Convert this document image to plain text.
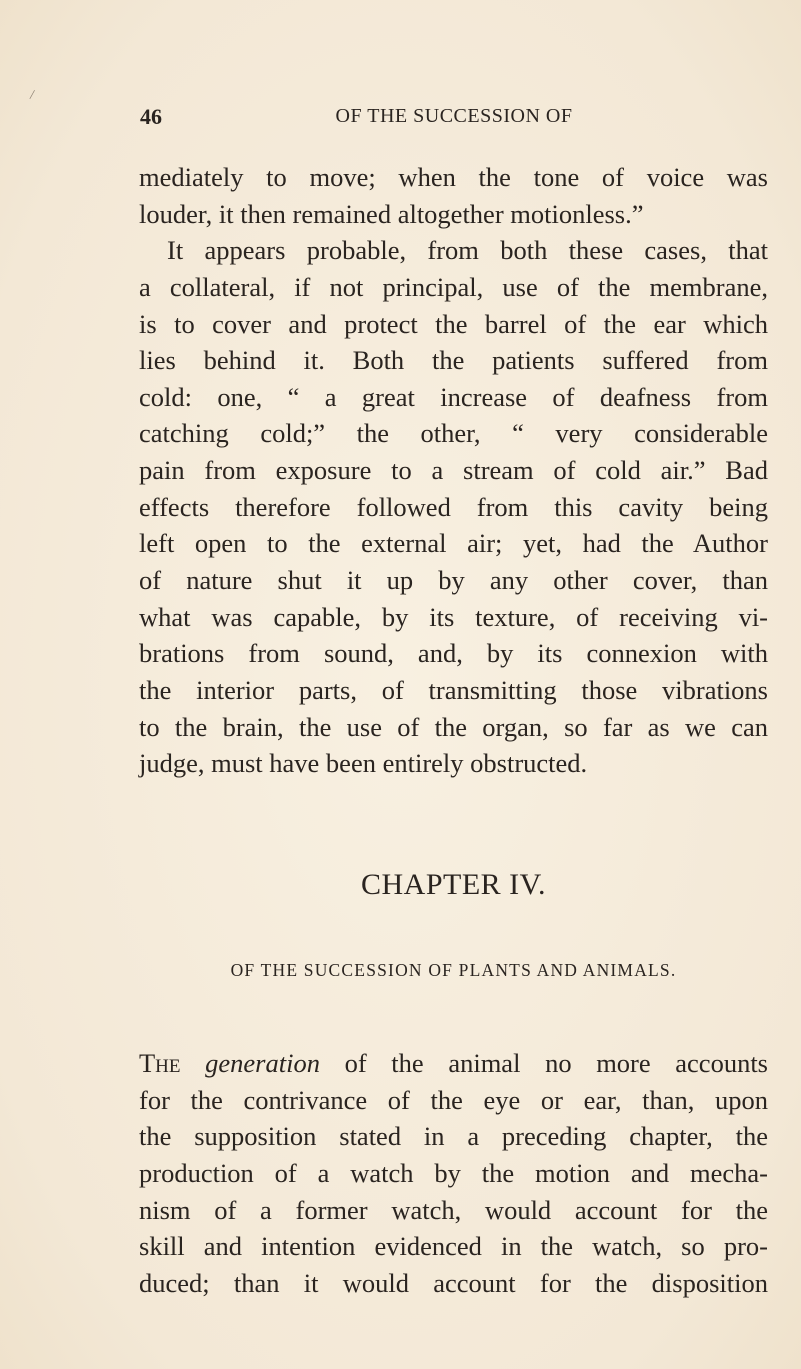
/
46	OF THE SUCCESSION OF
mediately to move; when the tone of voice was
louder, it then remained altogether motionless.”
It appears probable, from both these cases, that
a collateral, if not principal, use of the membrane,
is to cover and protect the barrel of the ear which
lies behind it. Both the patients suffered from
cold: one, “ a great increase of deafness from
catching cold;” the other, “ very considerable
pain from exposure to a stream of cold air.” Bad
effects therefore followed from this cavity being
left open to the external air; yet, had the Author
of nature shut it up by any other cover, than
what was capable, by its texture, of receiving vi-
brations from sound, and, by its connexion with
the interior parts, of transmitting those vibrations
to the brain, the use of the organ, so far as we can
judge, must have been entirely obstructed.
CHAPTER IV.
OF THE SUCCESSION OF PLANTS AND ANIMALS.
The generation of the animal no more accounts
for the contrivance of the eye or ear, than, upon
the supposition stated in a preceding chapter, the
production of a watch by the motion and mecha-
nism of a former watch, would account for the
skill and intention evidenced in the watch, so pro-
duced; than it would account for the disposition
